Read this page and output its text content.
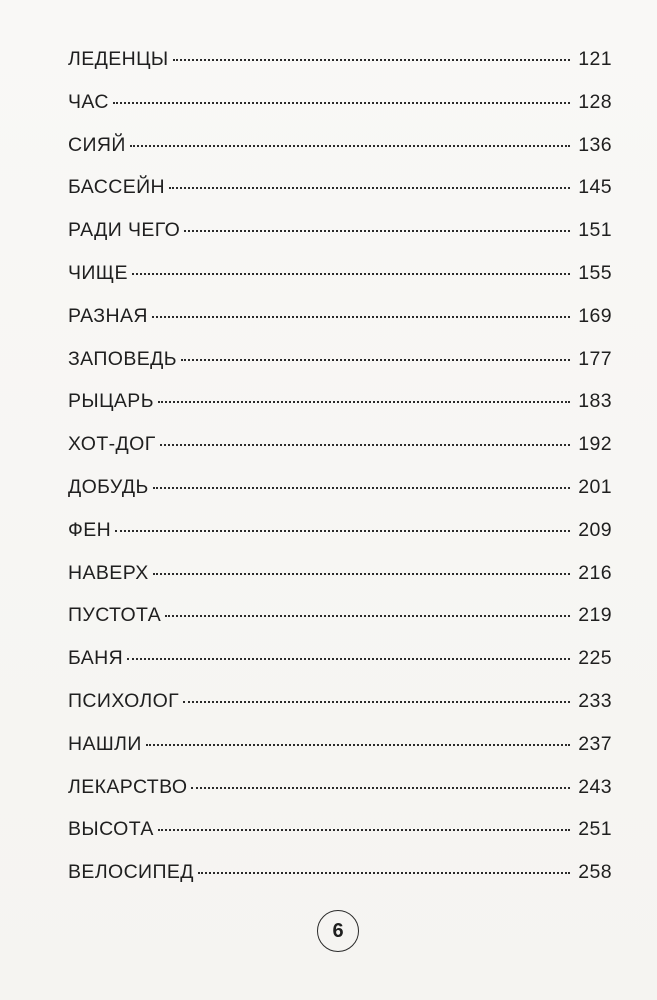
ЛЕДЕНЦЫ	121
ЧАС	128
СИЯЙ	136
БАССЕЙН	145
РАДИ ЧЕГО	151
ЧИЩЕ	155
РАЗНАЯ	169
ЗАПОВЕДЬ	177
РЫЦАРЬ	183
ХОТ-ДОГ	192
ДОБУДЬ	201
ФЕН	209
НАВЕРХ	216
ПУСТОТА	219
БАНЯ	225
ПСИХОЛОГ	233
НАШЛИ	237
ЛЕКАРСТВО	243
ВЫСОТА	251
ВЕЛОСИПЕД	258
6
